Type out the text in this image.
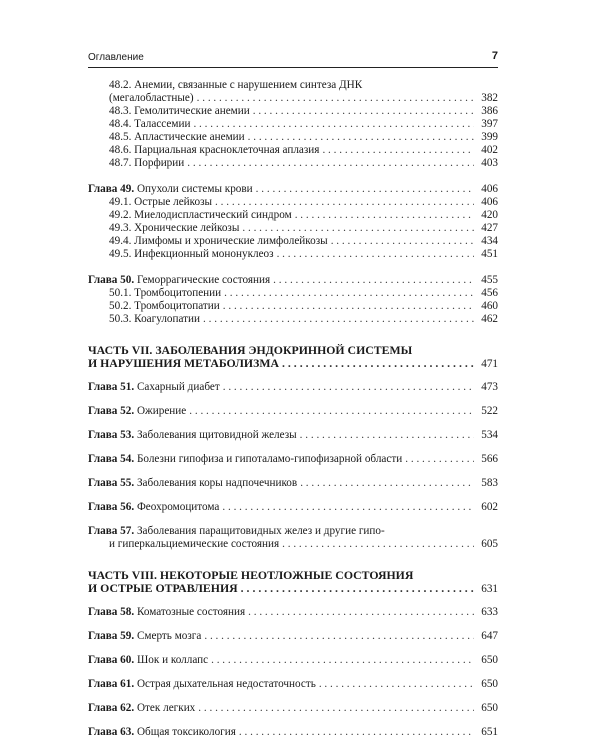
Оглавление	7
48.2. Анемии, связанные с нарушением синтеза ДНК
(мегалобластные) . . .	382
48.3. Гемолитические анемии . . .	386
48.4. Талассемии . . .	397
48.5. Апластические анемии . . .	399
48.6. Парциальная красноклеточная аплазия . . .	402
48.7. Порфирии . . .	403
Глава 49. Опухоли системы крови . . .	406
49.1. Острые лейкозы . . .	406
49.2. Миелодиспластический синдром . . .	420
49.3. Хронические лейкозы . . .	427
49.4. Лимфомы и хронические лимфолейкозы . . .	434
49.5. Инфекционный мононуклеоз . . .	451
Глава 50. Геморрагические состояния . . .	455
50.1. Тромбоцитопении . . .	456
50.2. Тромбоцитопатии . . .	460
50.3. Коагулопатии . . .	462
ЧАСТЬ VII. ЗАБОЛЕВАНИЯ ЭНДОКРИННОЙ СИСТЕМЫ
И НАРУШЕНИЯ МЕТАБОЛИЗМА . . .	471
Глава 51. Сахарный диабет . . .	473
Глава 52. Ожирение . . .	522
Глава 53. Заболевания щитовидной железы . . .	534
Глава 54. Болезни гипофиза и гипоталамо-гипофизарной области . . .	566
Глава 55. Заболевания коры надпочечников . . .	583
Глава 56. Феохромоцитома . . .	602
Глава 57. Заболевания паращитовидных желез и другие гипо-
и гиперкальциемические состояния . . .	605
ЧАСТЬ VIII. НЕКОТОРЫЕ НЕОТЛОЖНЫЕ СОСТОЯНИЯ
И ОСТРЫЕ ОТРАВЛЕНИЯ . . .	631
Глава 58. Коматозные состояния . . .	633
Глава 59. Смерть мозга . . .	647
Глава 60. Шок и коллапс . . .	650
Глава 61. Острая дыхательная недостаточность . . .	650
Глава 62. Отек легких . . .	650
Глава 63. Общая токсикология . . .	651
